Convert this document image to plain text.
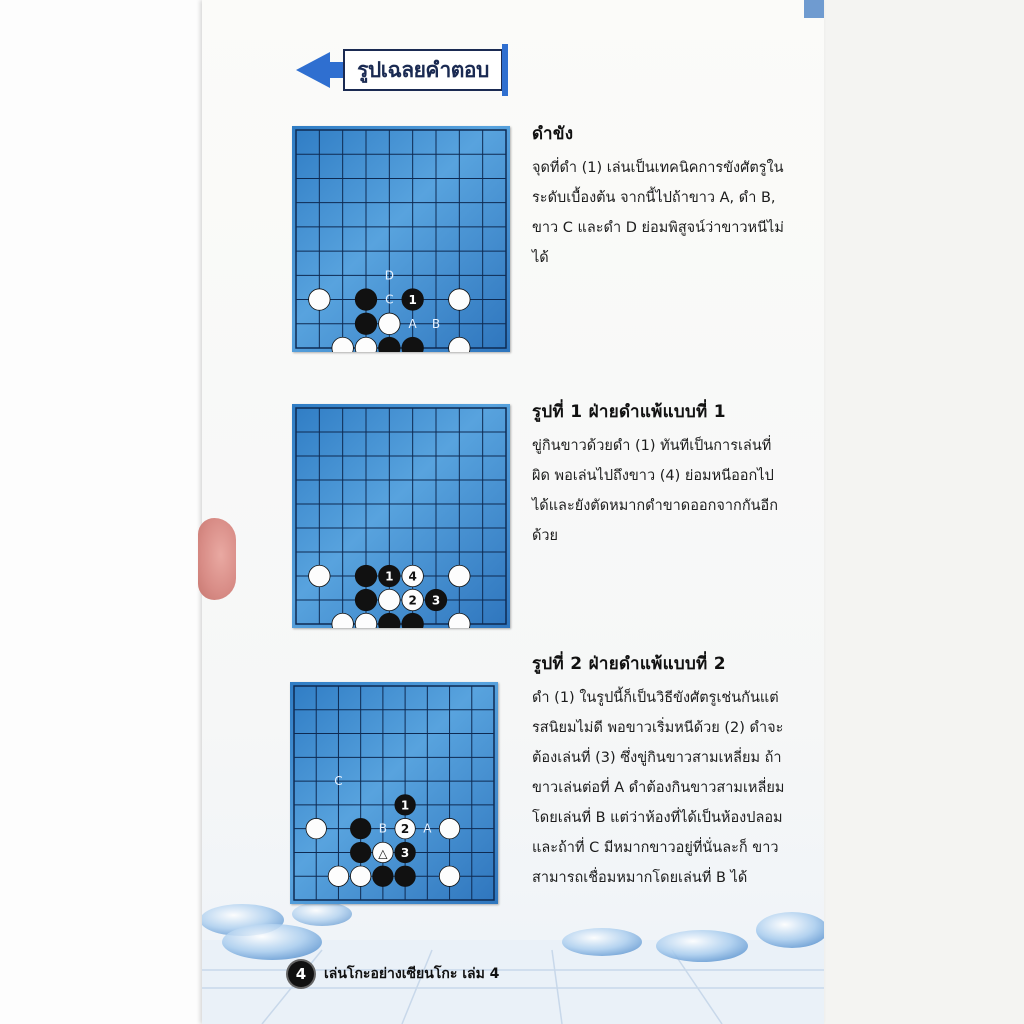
รูปเฉลยคำตอบ
D
C
A B
1
1 4
2 3
C
B	A
1
2
△ 3
ดำขัง

จุดที่ดำ (1) เล่นเป็นเทคนิคการขังศัตรูในระดับเบื้องต้น จากนี้ไปถ้าขาว A, ดำ B, ขาว C และดำ D ย่อมพิสูจน์ว่าขาวหนีไม่ได้

รูปที่ 1 ฝ่ายดำแพ้แบบที่ 1

ขู่กินขาวด้วยดำ (1) ทันทีเป็นการเล่นที่ผิด พอเล่นไปถึงขาว (4) ย่อมหนีออกไปได้และยังตัดหมากดำขาดออกจากกันอีกด้วย

รูปที่ 2 ฝ่ายดำแพ้แบบที่ 2

ดำ (1) ในรูปนี้ก็เป็นวิธีขังศัตรูเช่นกันแต่รสนิยมไม่ดี พอขาวเริ่มหนีด้วย (2) ดำจะต้องเล่นที่ (3) ซึ่งขู่กินขาวสามเหลี่ยม ถ้าขาวเล่นต่อที่ A ดำต้องกินขาวสามเหลี่ยมโดยเล่นที่ B แต่ว่าห้องที่ได้เป็นห้องปลอม และถ้าที่ C มีหมากขาวอยู่ที่นั่นละก็ ขาวสามารถเชื่อมหมากโดยเล่นที่ B ได้

4	เล่นโกะอย่างเซียนโกะ เล่ม 4
